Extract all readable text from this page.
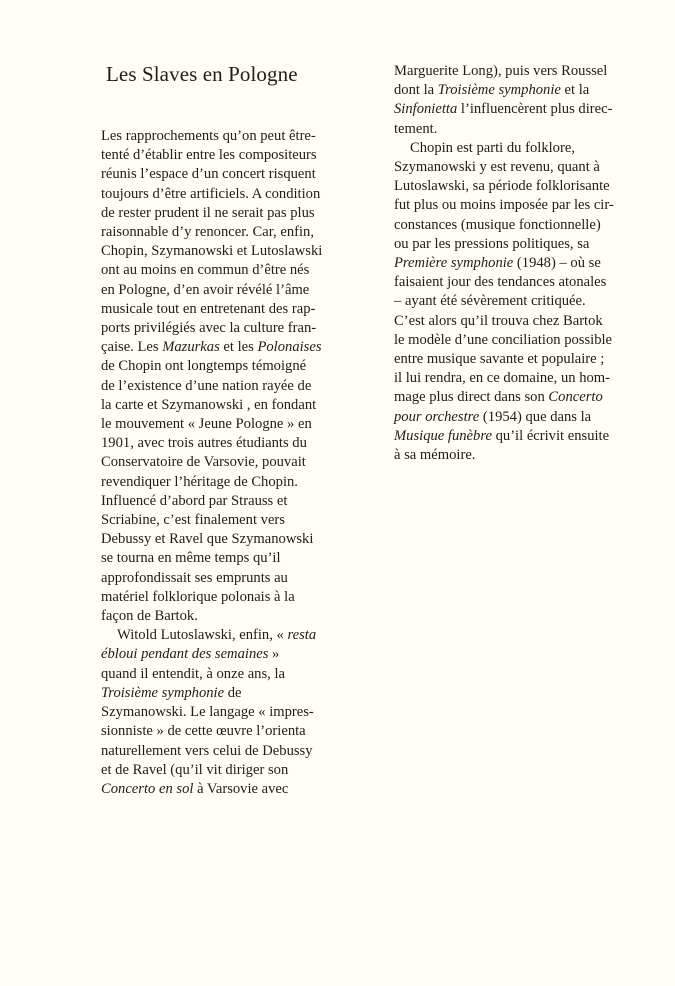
Les Slaves en Pologne
Les rapprochements qu’on peut être-
tenté d’établir entre les compositeurs
réunis l’espace d’un concert risquent
toujours d’être artificiels. A condition
de rester prudent il ne serait pas plus
raisonnable d’y renoncer. Car, enfin,
Chopin, Szymanowski et Lutoslawski
ont au moins en commun d’être nés
en Pologne, d’en avoir révélé l’âme
musicale tout en entretenant des rap-
ports privilégiés avec la culture fran-
çaise. Les Mazurkas et les Polonaises
de Chopin ont longtemps témoigné
de l’existence d’une nation rayée de
la carte et Szymanowski , en fondant
le mouvement « Jeune Pologne » en
1901, avec trois autres étudiants du
Conservatoire de Varsovie, pouvait
revendiquer l’héritage de Chopin.
Influencé d’abord par Strauss et
Scriabine, c’est finalement vers
Debussy et Ravel que Szymanowski
se tourna en même temps qu’il
approfondissait ses emprunts au
matériel folklorique polonais à la
façon de Bartok.
Witold Lutoslawski, enfin, « resta
ébloui pendant des semaines »
quand il entendit, à onze ans, la
Troisième symphonie de
Szymanowski. Le langage « impres-
sionniste » de cette œuvre l’orienta
naturellement vers celui de Debussy
et de Ravel (qu’il vit diriger son
Concerto en sol à Varsovie avec
Marguerite Long), puis vers Roussel
dont la Troisième symphonie et la
Sinfonietta l’influencèrent plus direc-
tement.
Chopin est parti du folklore,
Szymanowski y est revenu, quant à
Lutoslawski, sa période folklorisante
fut plus ou moins imposée par les cir-
constances (musique fonctionnelle)
ou par les pressions politiques, sa
Première symphonie (1948) – où se
faisaient jour des tendances atonales
– ayant été sévèrement critiquée.
C’est alors qu’il trouva chez Bartok
le modèle d’une conciliation possible
entre musique savante et populaire ;
il lui rendra, en ce domaine, un hom-
mage plus direct dans son Concerto
pour orchestre (1954) que dans la
Musique funèbre qu’il écrivit ensuite
à sa mémoire.
